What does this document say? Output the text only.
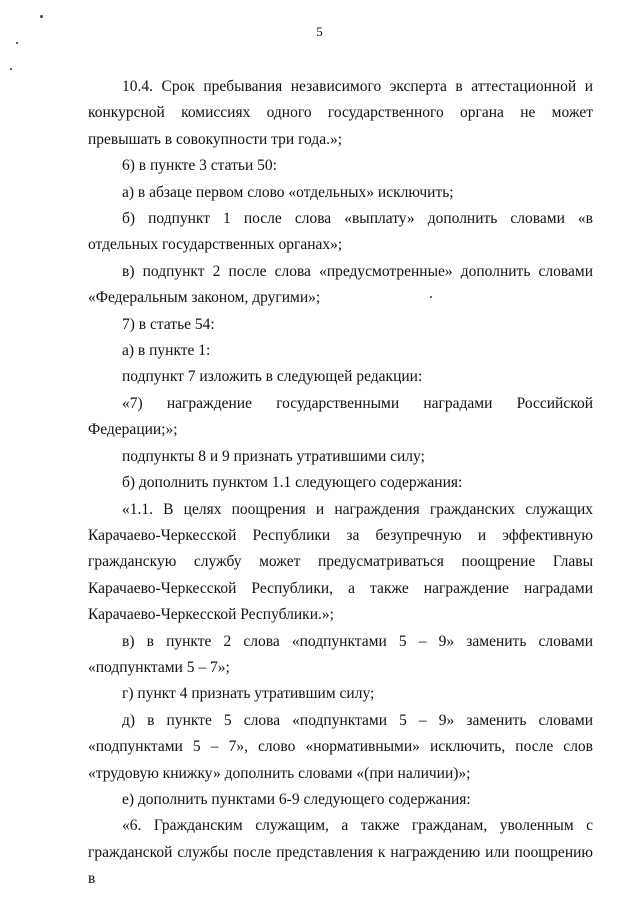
5

10.4. Срок пребывания независимого эксперта в аттестационной и конкурсной комиссиях одного государственного органа не может превышать в совокупности три года.»;

6) в пункте 3 статьи 50:

а) в абзаце первом слово «отдельных» исключить;

б) подпункт 1 после слова «выплату» дополнить словами «в отдельных государственных органах»;

в) подпункт 2 после слова «предусмотренные» дополнить словами «Федеральным законом, другими»;

7) в статье 54:

а) в пункте 1:

подпункт 7 изложить в следующей редакции:

«7) награждение государственными наградами Российской Федерации;»;

подпункты 8 и 9 признать утратившими силу;

б) дополнить пунктом 1.1 следующего содержания:

«1.1. В целях поощрения и награждения гражданских служащих Карачаево-Черкесской Республики за безупречную и эффективную гражданскую службу может предусматриваться поощрение Главы Карачаево-Черкесской Республики, а также награждение наградами Карачаево-Черкесской Республики.»;

в) в пункте 2 слова «подпунктами 5 – 9» заменить словами «подпунктами 5 – 7»;

г) пункт 4 признать утратившим силу;

д) в пункте 5 слова «подпунктами 5 – 9» заменить словами «подпунктами 5 – 7», слово «нормативными» исключить, после слов «трудовую книжку» дополнить словами «(при наличии)»;

е) дополнить пунктами 6-9 следующего содержания:

«6. Гражданским служащим, а также гражданам, уволенным с гражданской службы после представления к награждению или поощрению в
